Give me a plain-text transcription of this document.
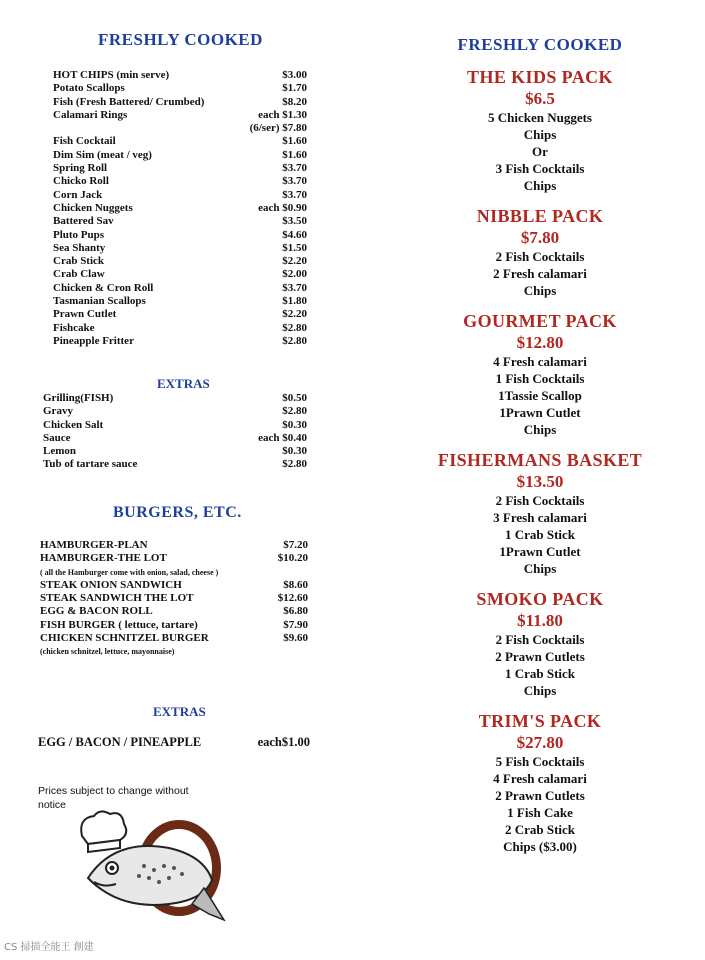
FRESHLY COOKED
HOT CHIPS (min serve)	$3.00
Potato Scallops	$1.70
Fish (Fresh Battered/ Crumbed)	$8.20
Calamari Rings	each $1.30
(6/ser) $7.80
Fish Cocktail	$1.60
Dim Sim (meat / veg)	$1.60
Spring Roll	$3.70
Chicko Roll	$3.70
Corn Jack	$3.70
Chicken Nuggets	each $0.90
Battered Sav	$3.50
Pluto Pups	$4.60
Sea Shanty	$1.50
Crab Stick	$2.20
Crab Claw	$2.00
Chicken & Cron Roll	$3.70
Tasmanian Scallops	$1.80
Prawn Cutlet	$2.20
Fishcake	$2.80
Pineapple Fritter	$2.80
EXTRAS
Grilling(FISH)	$0.50
Gravy	$2.80
Chicken Salt	$0.30
Sauce	each $0.40
Lemon	$0.30
Tub of tartare sauce	$2.80
BURGERS, ETC.
HAMBURGER-PLAN	$7.20
HAMBURGER-THE LOT	$10.20
( all the Hamburger come with onion, salad, cheese )
STEAK ONION SANDWICH	$8.60
STEAK SANDWICH THE LOT	$12.60
EGG & BACON ROLL	$6.80
FISH BURGER ( lettuce, tartare)	$7.90
CHICKEN SCHNITZEL BURGER	$9.60
(chicken schnitzel, lettuce, mayonnaise)
EXTRAS
EGG / BACON / PINEAPPLE	each$1.00
Prices subject to change without notice
FRESHLY COOKED
THE KIDS PACK
$6.5
5 Chicken Nuggets
Chips
Or
3 Fish Cocktails
Chips
NIBBLE PACK
$7.80
2 Fish Cocktails
2 Fresh calamari
Chips
GOURMET PACK
$12.80
4 Fresh calamari
1 Fish Cocktails
1Tassie Scallop
1Prawn Cutlet
Chips
FISHERMANS BASKET
$13.50
2 Fish Cocktails
3 Fresh calamari
1 Crab Stick
1Prawn Cutlet
Chips
SMOKO PACK
$11.80
2 Fish Cocktails
2 Prawn Cutlets
1 Crab Stick
Chips
TRIM'S PACK
$27.80
5 Fish Cocktails
4 Fresh calamari
2 Prawn Cutlets
1 Fish Cake
2 Crab Stick
Chips ($3.00)
CS 掃描全能王 創建
